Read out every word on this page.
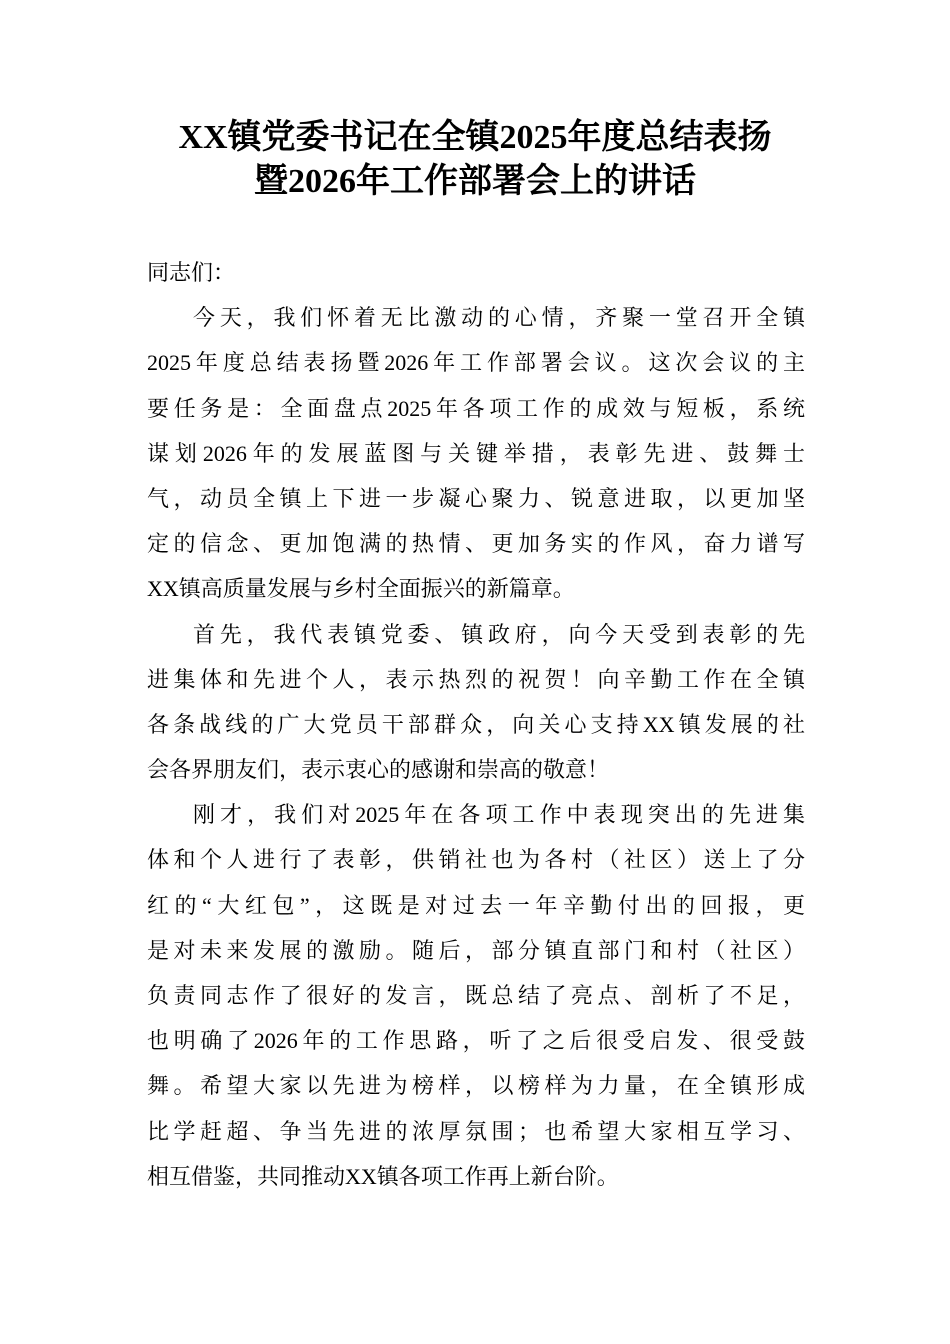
XX镇党委书记在全镇2025年度总结表扬
暨2026年工作部署会上的讲话
同志们：
今天，我们怀着无比激动的心情，齐聚一堂召开全镇
2025年度总结表扬暨2026年工作部署会议。这次会议的主
要任务是：全面盘点2025年各项工作的成效与短板，系统
谋划2026年的发展蓝图与关键举措，表彰先进、鼓舞士
气，动员全镇上下进一步凝心聚力、锐意进取，以更加坚
定的信念、更加饱满的热情、更加务实的作风，奋力谱写
XX镇高质量发展与乡村全面振兴的新篇章。
首先，我代表镇党委、镇政府，向今天受到表彰的先
进集体和先进个人，表示热烈的祝贺！向辛勤工作在全镇
各条战线的广大党员干部群众，向关心支持XX镇发展的社
会各界朋友们，表示衷心的感谢和崇高的敬意！
刚才，我们对2025年在各项工作中表现突出的先进集
体和个人进行了表彰，供销社也为各村（社区）送上了分
红的“大红包”，这既是对过去一年辛勤付出的回报，更
是对未来发展的激励。随后，部分镇直部门和村（社区）
负责同志作了很好的发言，既总结了亮点、剖析了不足，
也明确了2026年的工作思路，听了之后很受启发、很受鼓
舞。希望大家以先进为榜样，以榜样为力量，在全镇形成
比学赶超、争当先进的浓厚氛围；也希望大家相互学习、
相互借鉴，共同推动XX镇各项工作再上新台阶。
